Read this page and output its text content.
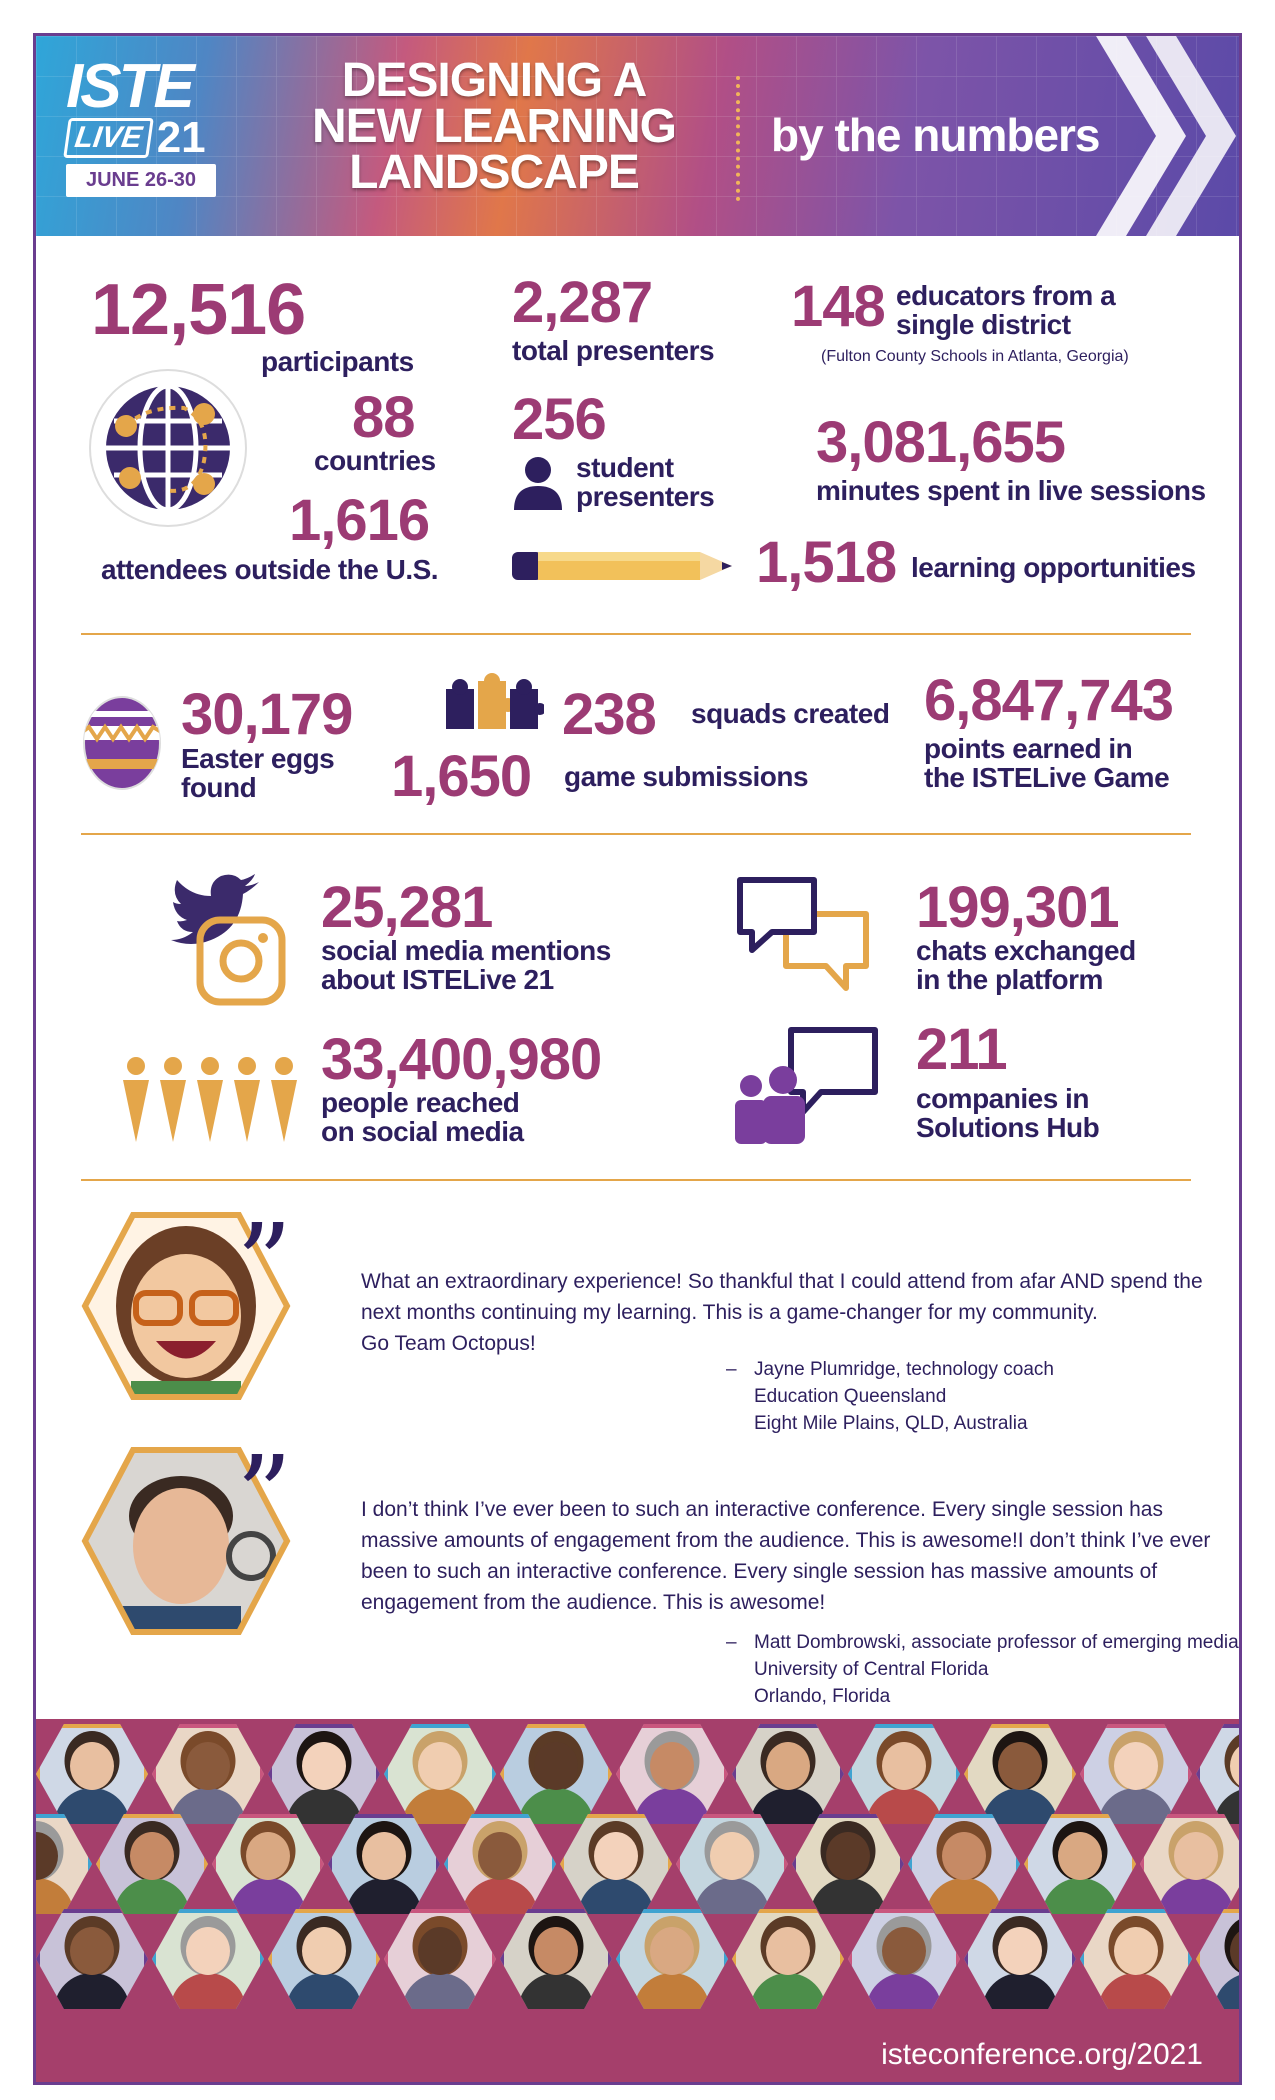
ISTE
LIVE 21
JUNE 26-30
DESIGNING A
NEW LEARNING
LANDSCAPE
by the numbers
12,516
participants
88
countries
1,616
attendees outside the U.S.
2,287
total presenters
256
student
presenters
148 educators from a
single district
(Fulton County Schools in Atlanta, Georgia)
3,081,655
minutes spent in live sessions
1,518 learning opportunities
30,179
Easter eggs
found
238 squads created
1,650 game submissions
6,847,743
points earned in
the ISTELive Game
25,281
social media mentions
about ISTELive 21
33,400,980
people reached
on social media
199,301
chats exchanged
in the platform
211
companies in
Solutions Hub
”	What an extraordinary experience! So thankful that I could attend from afar AND spend the
next months continuing my learning. This is a game-changer for my community.
Go Team Octopus!
– Jayne Plumridge, technology coach
Education Queensland
Eight Mile Plains, QLD, Australia
”	I don’t think I’ve ever been to such an interactive conference. Every single session has
massive amounts of engagement from the audience. This is awesome!I don’t think I’ve ever
been to such an interactive conference. Every single session has massive amounts of
engagement from the audience. This is awesome!
– Matt Dombrowski, associate professor of emerging media
University of Central Florida
Orlando, Florida
isteconference.org/2021
